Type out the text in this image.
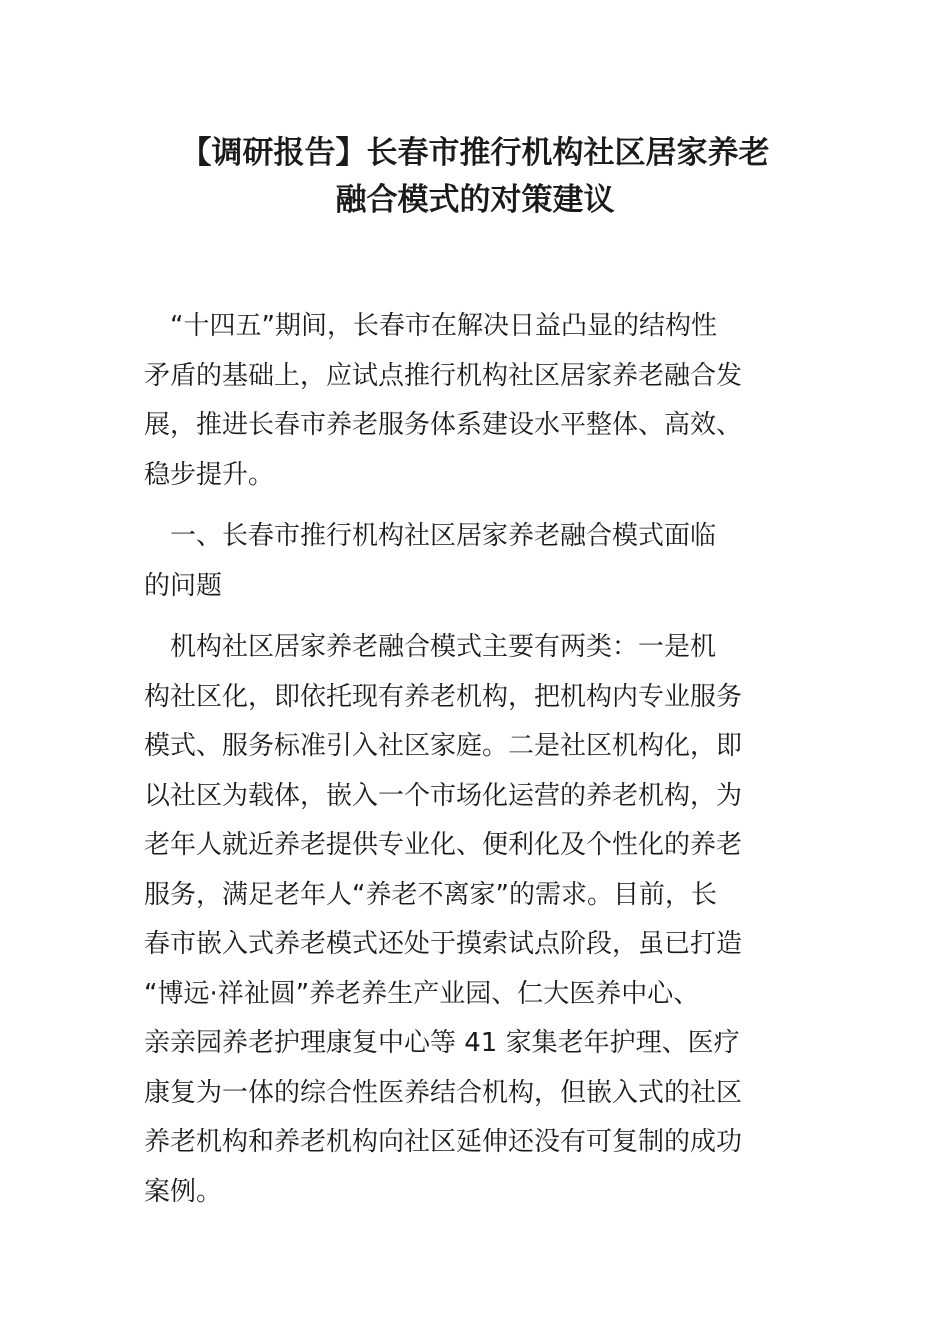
【调研报告】长春市推行机构社区居家养老
融合模式的对策建议

　“十四五”期间，长春市在解决日益凸显的结构性
矛盾的基础上，应试点推行机构社区居家养老融合发
展，推进长春市养老服务体系建设水平整体、高效、
稳步提升。

　一、长春市推行机构社区居家养老融合模式面临
的问题

　机构社区居家养老融合模式主要有两类：一是机
构社区化，即依托现有养老机构，把机构内专业服务
模式、服务标准引入社区家庭。二是社区机构化，即
以社区为载体，嵌入一个市场化运营的养老机构，为
老年人就近养老提供专业化、便利化及个性化的养老
服务，满足老年人“养老不离家”的需求。目前，长
春市嵌入式养老模式还处于摸索试点阶段，虽已打造
“博远·祥祉圆”养老养生产业园、仁大医养中心、
亲亲园养老护理康复中心等 41 家集老年护理、医疗
康复为一体的综合性医养结合机构，但嵌入式的社区
养老机构和养老机构向社区延伸还没有可复制的成功
案例。
